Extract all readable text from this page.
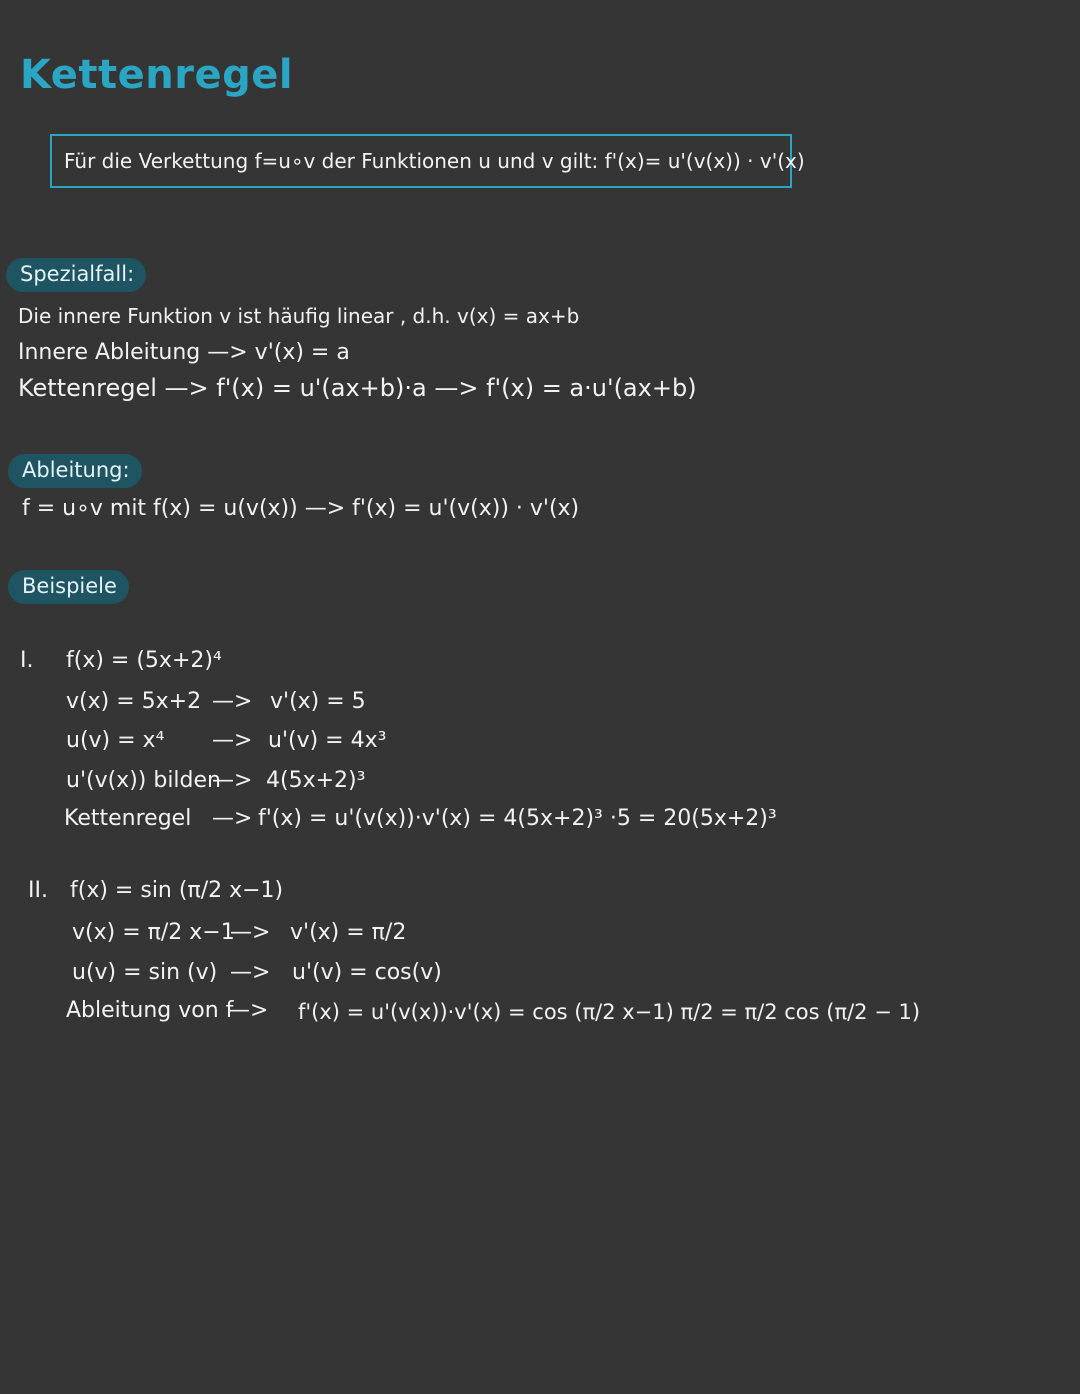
Kettenregel
Für die Verkettung f=u∘v der Funktionen u und v gilt: f'(x)= u'(v(x)) · v'(x)
Spezialfall:
Die innere Funktion v ist häufig linear , d.h. v(x) = ax+b
Innere Ableitung —> v'(x) = a
Kettenregel —> f'(x) = u'(ax+b)·a —> f'(x) = a·u'(ax+b)
Ableitung:
f = u∘v mit f(x) = u(v(x)) —> f'(x) = u'(v(x)) · v'(x)
Beispiele
I. f(x) = (5x+2)⁴
v(x) = 5x+2 —> v'(x) = 5
u(v) = x⁴ —> u'(v) = 4x³
u'(v(x)) bilden
—> 4(5x+2)³
Kettenregel —> f'(x) = u'(v(x))·v'(x) = 4(5x+2)³ ·5 = 20(5x+2)³
II. f(x) = sin (π/2 x−1)
v(x) = π/2 x−1
—> v'(x) = π/2
u(v) = sin (v) —> u'(v) = cos(v)
Ableitung von f
—> f'(x) = u'(v(x))·v'(x) = cos (π/2 x−1) π/2 = π/2 cos (π/2 − 1)
